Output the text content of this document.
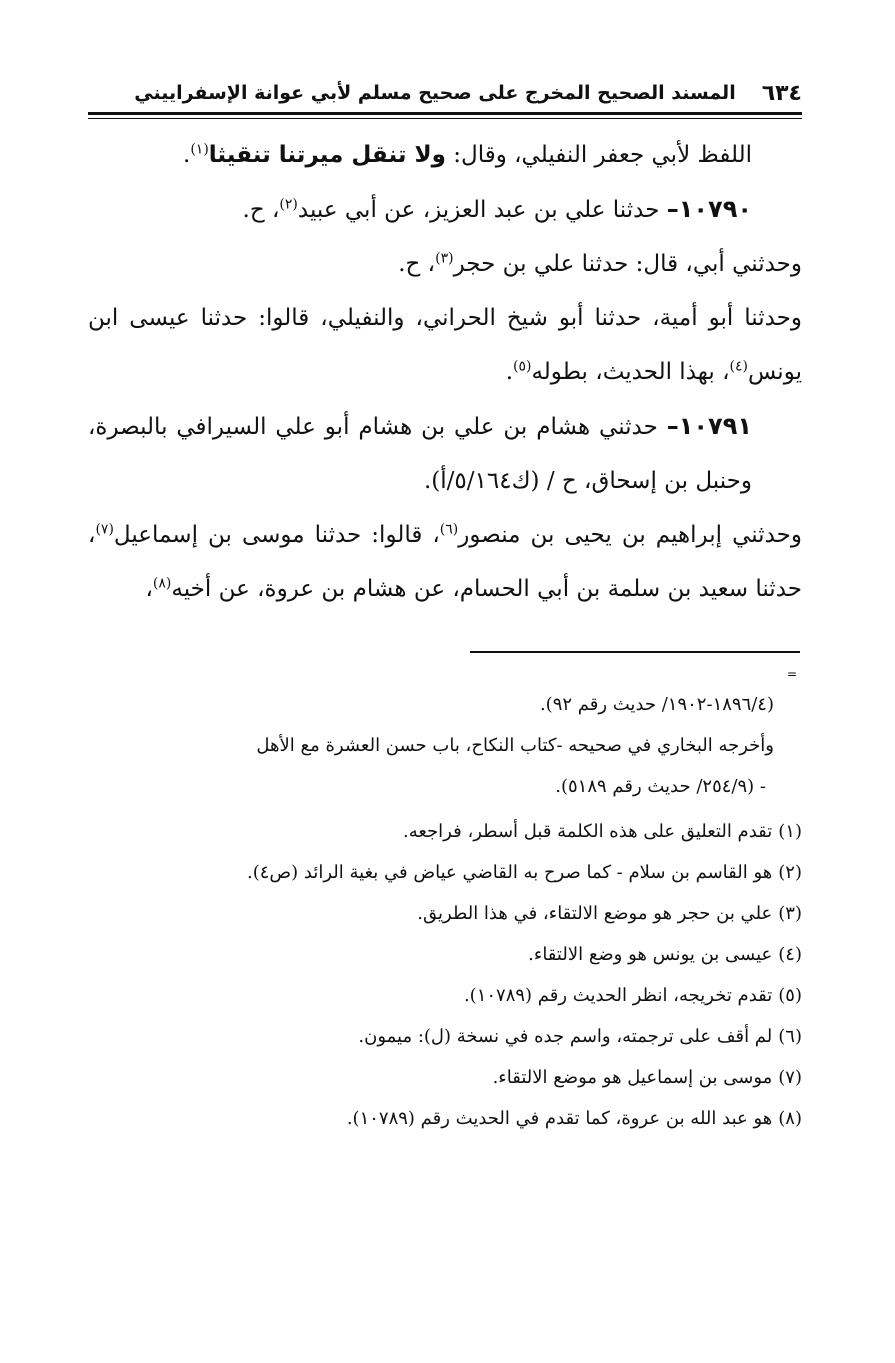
٦٣٤
المسند الصحيح المخرج على صحيح مسلم لأبي عوانة الإسفراييني

اللفظ لأبي جعفر النفيلي، وقال: ولا تنقل ميرتنا تنقيثا$^{(١)}$.

١٠٧٩٠– حدثنا علي بن عبد العزيز، عن أبي عبيد$^{(٢)}$، ح.

وحدثني أبي، قال: حدثنا علي بن حجر$^{(٣)}$، ح.

وحدثنا أبو أمية، حدثنا أبو شيخ الحراني، والنفيلي، قالوا: حدثنا عيسى ابن يونس$^{(٤)}$، بهذا الحديث، بطوله$^{(٥)}$.

١٠٧٩١– حدثني هشام بن علي بن هشام أبو علي السيرافي بالبصرة، وحنبل بن إسحاق، ح / (ك٥/١٦٤/أ).

وحدثني إبراهيم بن يحيى بن منصور$^{(٦)}$، قالوا: حدثنا موسى بن إسماعيل$^{(٧)}$، حدثنا سعيد بن سلمة بن أبي الحسام، عن هشام بن عروة، عن أخيه$^{(٨)}$،

=

(١٨٩٦/٤-١٩٠٢/ حديث رقم ٩٢).

وأخرجه البخاري في صحيحه -كتاب النكاح، باب حسن العشرة مع الأهل

- (٢٥٤/٩/ حديث رقم ٥١٨٩).

(١)تقدم التعليق على هذه الكلمة قبل أسطر، فراجعه.

(٢)هو القاسم بن سلام - كما صرح به القاضي عياض في بغية الرائد (ص٤).

(٣)علي بن حجر هو موضع الالتقاء، في هذا الطريق.

(٤)عيسى بن يونس هو وضع الالتقاء.

(٥)تقدم تخريجه، انظر الحديث رقم (١٠٧٨٩).

(٦)لم أقف على ترجمته، واسم جده في نسخة (ل): ميمون.

(٧)موسى بن إسماعيل هو موضع الالتقاء.

(٨)هو عبد الله بن عروة، كما تقدم في الحديث رقم (١٠٧٨٩).
